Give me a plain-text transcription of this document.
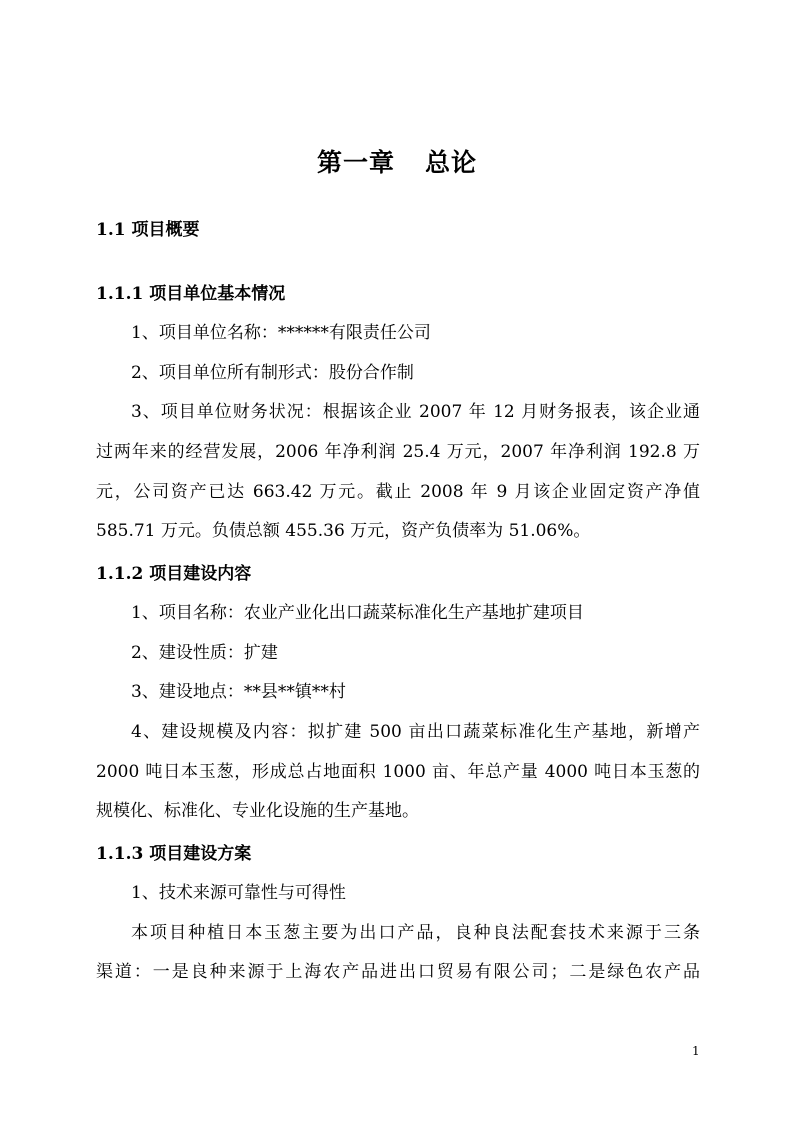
第一章 总论
1.1 项目概要
1.1.1 项目单位基本情况
1、项目单位名称：******有限责任公司
2、项目单位所有制形式：股份合作制
3、项目单位财务状况：根据该企业 2007 年 12 月财务报表，该企业通
过两年来的经营发展，2006 年净利润 25.4 万元，2007 年净利润 192.8 万
元，公司资产已达 663.42 万元。截止 2008 年 9 月该企业固定资产净值
585.71 万元。负债总额 455.36 万元，资产负债率为 51.06%。
1.1.2 项目建设内容
1、项目名称：农业产业化出口蔬菜标准化生产基地扩建项目
2、建设性质：扩建
3、建设地点：**县**镇**村
4、建设规模及内容：拟扩建 500 亩出口蔬菜标准化生产基地，新增产
2000 吨日本玉葱，形成总占地面积 1000 亩、年总产量 4000 吨日本玉葱的
规模化、标准化、专业化设施的生产基地。
1.1.3 项目建设方案
1、技术来源可靠性与可得性
本项目种植日本玉葱主要为出口产品，良种良法配套技术来源于三条
渠道：一是良种来源于上海农产品进出口贸易有限公司；二是绿色农产品
1
